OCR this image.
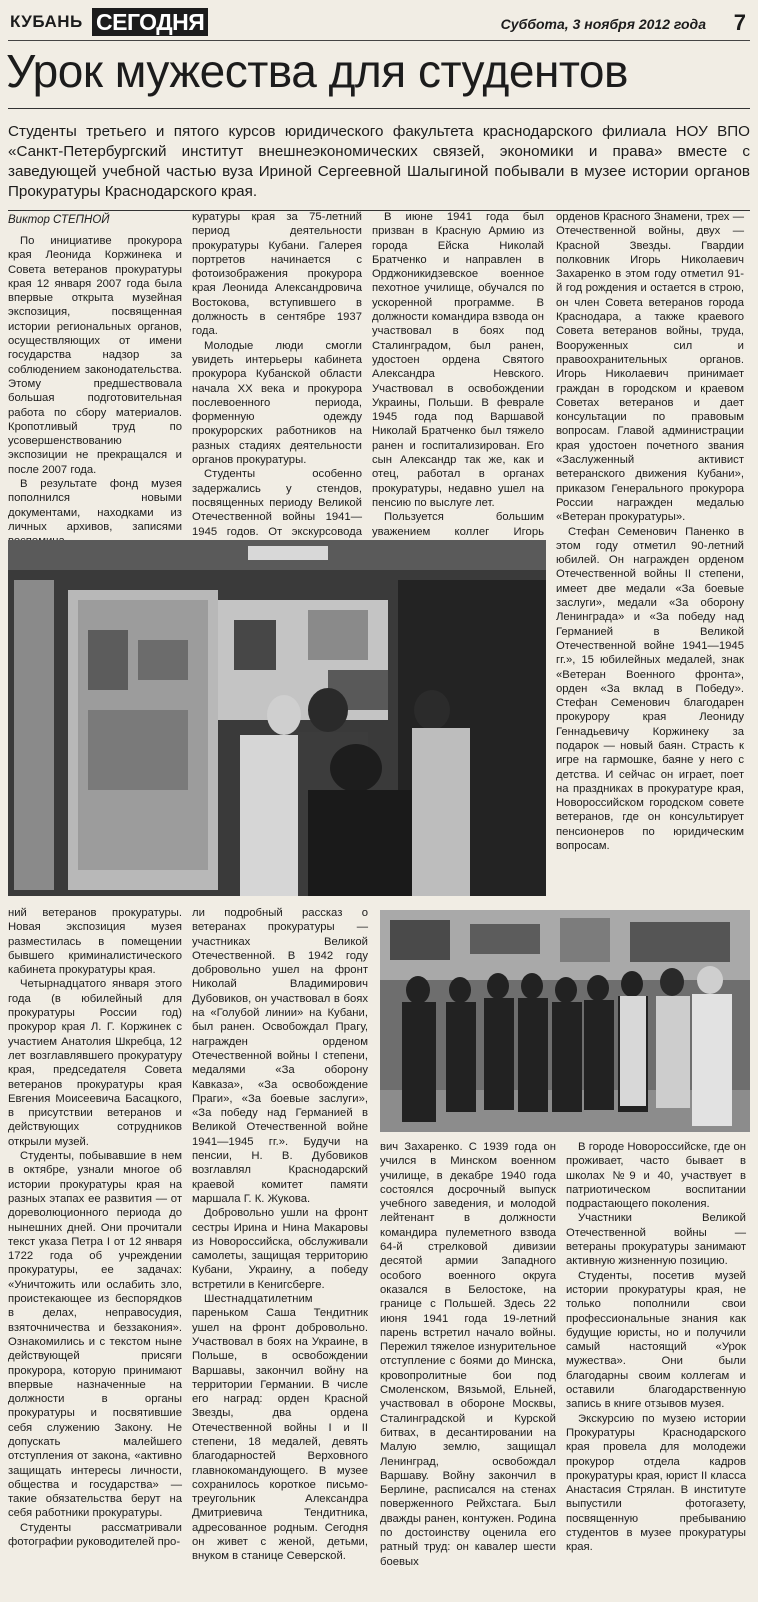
КУБАНЬ СЕГОДНЯ	Суббота, 3 ноября 2012 года 7
Урок мужества для студентов
Студенты третьего и пятого курсов юридического факультета краснодарского филиала НОУ ВПО «Санкт-Петербургский институт внешнеэкономических связей, экономики и права» вместе с заведующей учебной частью вуза Ириной Сергеевной Шалыгиной побывали в музее истории органов Прокуратуры Краснодарского края.
Виктор СТЕПНОЙ

По инициативе прокурора края Леонида Коржинека и Совета ветеранов прокуратуры края 12 января 2007 года была впервые открыта музейная экспозиция, посвященная истории региональных органов, осуществляющих от имени государства надзор за соблюдением законодательства. Этому предшествовала большая подготовительная работа по сбору материалов. Кропотливый труд по усовершенствованию экспозиции не прекращался и после 2007 года.

В результате фонд музея пополнился новыми документами, находками из личных архивов, записями

куратуры края за 75-летний период деятельности прокуратуры Кубани. Галерея портретов начинается с фотоизображения прокурора края Леонида Александровича Востокова, вступившего в должность в сентябре 1937 года.

Молодые люди смогли увидеть интерьеры кабинета прокурора Кубанской области начала XX века и прокурора послевоенного периода, форменную одежду прокурорских работников на разных стадиях деятельности органов прокуратуры.

Студенты особенно задержались у стендов, посвященных периоду Великой Отечественной войны 1941—1945 годов. От экскурсовода

В июне 1941 года был призван в Красную Армию из города Ейска Николай Братченко и направлен в Орджоникидзевское военное пехотное училище, обучался по ускоренной программе. В должности командира взвода он участвовал в боях под Сталинградом, был ранен, удостоен ордена Святого Александра Невского. Участвовал в освобождении Украины, Польши. В феврале 1945 года под Варшавой Николай Братченко был тяжело ранен и госпитализирован. Его сын Александр так же, как и отец, работал в органах прокуратуры, недавно ушел на пенсию по выслуге лет.

Пользуется большим уважением коллег Игорь

орденов Красного Знамени, трех — Отечественной войны, двух — Красной Звезды. Гвардии полковник Игорь Николаевич Захаренко в этом году отметил 91-й год рождения и остается в строю, он член Совета ветеранов города Краснодара, а также краевого Совета ветеранов войны, труда, Вооруженных сил и правоохранительных органов. Игорь Николаевич принимает граждан в городском и краевом Советах ветеранов и дает консультации по правовым вопросам. Главой администрации края удостоен почетного звания «Заслуженный активист ветеранского движения Кубани», приказом Генерального прокурора России награжден медалью «Ветеран прокуратуры».

Стефан Семенович Паненко в этом году отметил 90-летний юбилей. Он награжден орденом Отечественной войны II степени, имеет две медали «За боевые заслуги», медали «За оборону Ленинграда» и «За победу над Германией в Великой Отечественной войне 1941—1945 гг.», 15 юбилейных медалей, знак «Ветеран Военного фронта», орден «За вклад в Победу». Стефан Семенович благодарен прокурору края Леониду Геннадьевичу Коржинеку за подарок — новый баян. Страсть к игре на гармошке, баяне у него с детства. И сейчас он играет, поет на праздниках в прокуратуре края, Новороссийском городском совете ветеранов, где он консультирует пенсионеров по юридическим вопросам.

ний ветеранов прокуратуры. Новая экспозиция музея разместилась в помещении бывшего криминалистического кабинета прокуратуры края.

Четырнадцатого января этого года (в юбилейный для прокуратуры России год) прокурор края Л. Г. Коржинек с участием Анатолия Шкребца, 12 лет возглавлявшего прокуратуру края, председателя Совета ветеранов прокуратуры края Евгения Моисеевича Басацкого, в присутствии ветеранов и действующих сотрудников открыли музей.

Студенты, побывавшие в нем в октябре, узнали многое об истории прокуратуры края на разных этапах ее развития — от дореволюционного периода до нынешних дней. Они прочитали текст указа Петра I от 12 января 1722 года об учреждении прокуратуры, ее задачах: «Уничтожить или ослабить зло, проистекающее из беспорядков в делах, неправосудия, взяточничества и беззакония». Ознакомились и с текстом ныне действующей присяги прокурора, которую принимают впервые назначенные на должности в органы прокуратуры и посвятившие себя служению Закону. Не допускать малейшего отступления от закона, «активно защищать интересы личности, общества и государства» — такие обязательства берут на себя работники прокуратуры.

Студенты рассматривали фотографии руководителей про-

ли подробный рассказ о ветеранах прокуратуры — участниках Великой Отечественной. В 1942 году добровольно ушел на фронт Николай Владимирович Дубовиков, он участвовал в боях на «Голубой линии» на Кубани, был ранен. Освобождал Прагу, награжден орденом Отечественной войны I степени, медалями «За оборону Кавказа», «За освобождение Праги», «За боевые заслуги», «За победу над Германией в Великой Отечественной войне 1941—1945 гг.». Будучи на пенсии, Н. В. Дубовиков возглавлял Краснодарский краевой комитет памяти маршала Г. К. Жукова.

Добровольно ушли на фронт сестры Ирина и Нина Макаровы из Новороссийска, обслуживали самолеты, защищая территорию Кубани, Украину, а победу встретили в Кенигсберге.

Шестнадцатилетним пареньком Саша Тендитник ушел на фронт добровольно. Участвовал в боях на Украине, в Польше, в освобождении Варшавы, закончил войну на территории Германии. В числе его наград: орден Красной Звезды, два ордена Отечественной войны I и II степени, 18 медалей, девять благодарностей Верховного главнокомандующего. В музее сохранилось короткое письмо-треугольник Александра Дмитриевича Тендитника, адресованное родным. Сегодня он живет с женой, детьми, внуком в станице Северской.

вич Захаренко. С 1939 года он учился в Минском военном училище, в декабре 1940 года состоялся досрочный выпуск учебного заведения, и молодой лейтенант в должности командира пулеметного взвода 64-й стрелковой дивизии десятой армии Западного особого военного округа оказался в Белостоке, на границе с Польшей. Здесь 22 июня 1941 года 19-летний парень встретил начало войны. Пережил тяжелое изнурительное отступление с боями до Минска, кровопролитные бои под Смоленском, Вязьмой, Ельней, участвовал в обороне Москвы, Сталинградской и Курской битвах, в десантировании на Малую землю, защищал Ленинград, освобождал Варшаву. Войну закончил в Берлине, расписался на стенах поверженного Рейхстага. Был дважды ранен, контужен. Родина по достоинству оценила его ратный труд: он кавалер шести боевых

В городе Новороссийске, где он проживает, часто бывает в школах №9 и 40, участвует в патриотическом воспитании подрастающего поколения.

Участники Великой Отечественной войны — ветераны прокуратуры занимают активную жизненную позицию.

Студенты, посетив музей истории прокуратуры края, не только пополнили свои профессиональные знания как будущие юристы, но и получили самый настоящий «Урок мужества». Они были благодарны своим коллегам и оставили благодарственную запись в книге отзывов музея.

Экскурсию по музею истории Прокуратуры Краснодарского края провела для молодежи прокурор отдела кадров прокуратуры края, юрист II класса Анастасия Стрялан. В институте выпустили фотогазету, посвященную пребыванию студентов в музее прокуратуры края.
